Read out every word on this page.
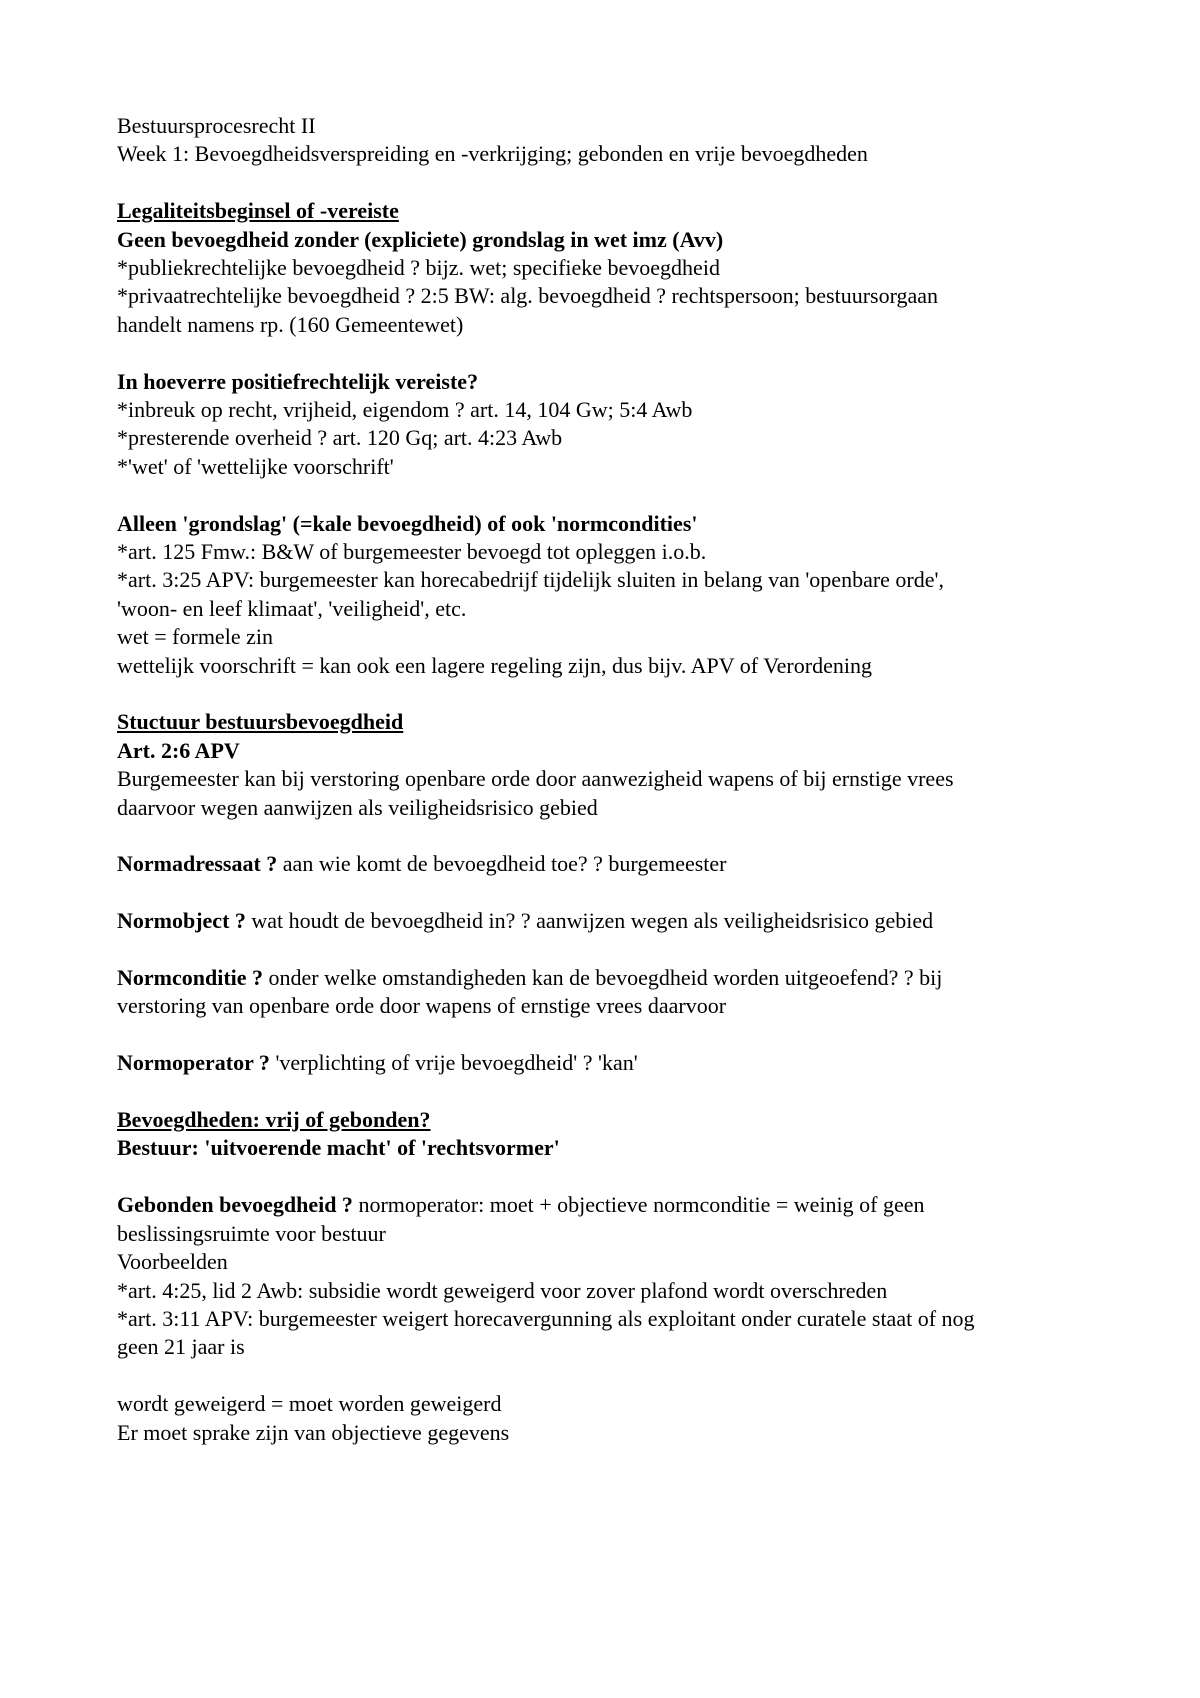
Bestuursprocesrecht II
Week 1: Bevoegdheidsverspreiding en -verkrijging; gebonden en vrije bevoegdheden
Legaliteitsbeginsel of -vereiste
Geen bevoegdheid zonder (expliciete) grondslag in wet imz (Avv)
*publiekrechtelijke bevoegdheid ? bijz. wet; specifieke bevoegdheid
*privaatrechtelijke bevoegdheid ? 2:5 BW: alg. bevoegdheid ? rechtspersoon; bestuursorgaan
handelt namens rp. (160 Gemeentewet)
In hoeverre positiefrechtelijk vereiste?
*inbreuk op recht, vrijheid, eigendom ? art. 14, 104 Gw; 5:4 Awb
*presterende overheid ? art. 120 Gq; art. 4:23 Awb
*'wet' of 'wettelijke voorschrift'
Alleen 'grondslag' (=kale bevoegdheid) of ook 'normcondities'
*art. 125 Fmw.: B&W of burgemeester bevoegd tot opleggen i.o.b.
*art. 3:25 APV: burgemeester kan horecabedrijf tijdelijk sluiten in belang van 'openbare orde',
'woon- en leef klimaat', 'veiligheid', etc.
wet = formele zin
wettelijk voorschrift = kan ook een lagere regeling zijn, dus bijv. APV of Verordening
Stuctuur bestuursbevoegdheid
Art. 2:6 APV
Burgemeester kan bij verstoring openbare orde door aanwezigheid wapens of bij ernstige vrees
daarvoor wegen aanwijzen als veiligheidsrisico gebied
Normadressaat ? aan wie komt de bevoegdheid toe? ? burgemeester
Normobject ? wat houdt de bevoegdheid in? ? aanwijzen wegen als veiligheidsrisico gebied
Normconditie ? onder welke omstandigheden kan de bevoegdheid worden uitgeoefend? ? bij
verstoring van openbare orde door wapens of ernstige vrees daarvoor
Normoperator ? 'verplichting of vrije bevoegdheid' ? 'kan'
Bevoegdheden: vrij of gebonden?
Bestuur: 'uitvoerende macht' of 'rechtsvormer'
Gebonden bevoegdheid ? normoperator: moet + objectieve normconditie = weinig of geen
beslissingsruimte voor bestuur
Voorbeelden
*art. 4:25, lid 2 Awb: subsidie wordt geweigerd voor zover plafond wordt overschreden
*art. 3:11 APV: burgemeester weigert horecavergunning als exploitant onder curatele staat of nog
geen 21 jaar is
wordt geweigerd = moet worden geweigerd
Er moet sprake zijn van objectieve gegevens
